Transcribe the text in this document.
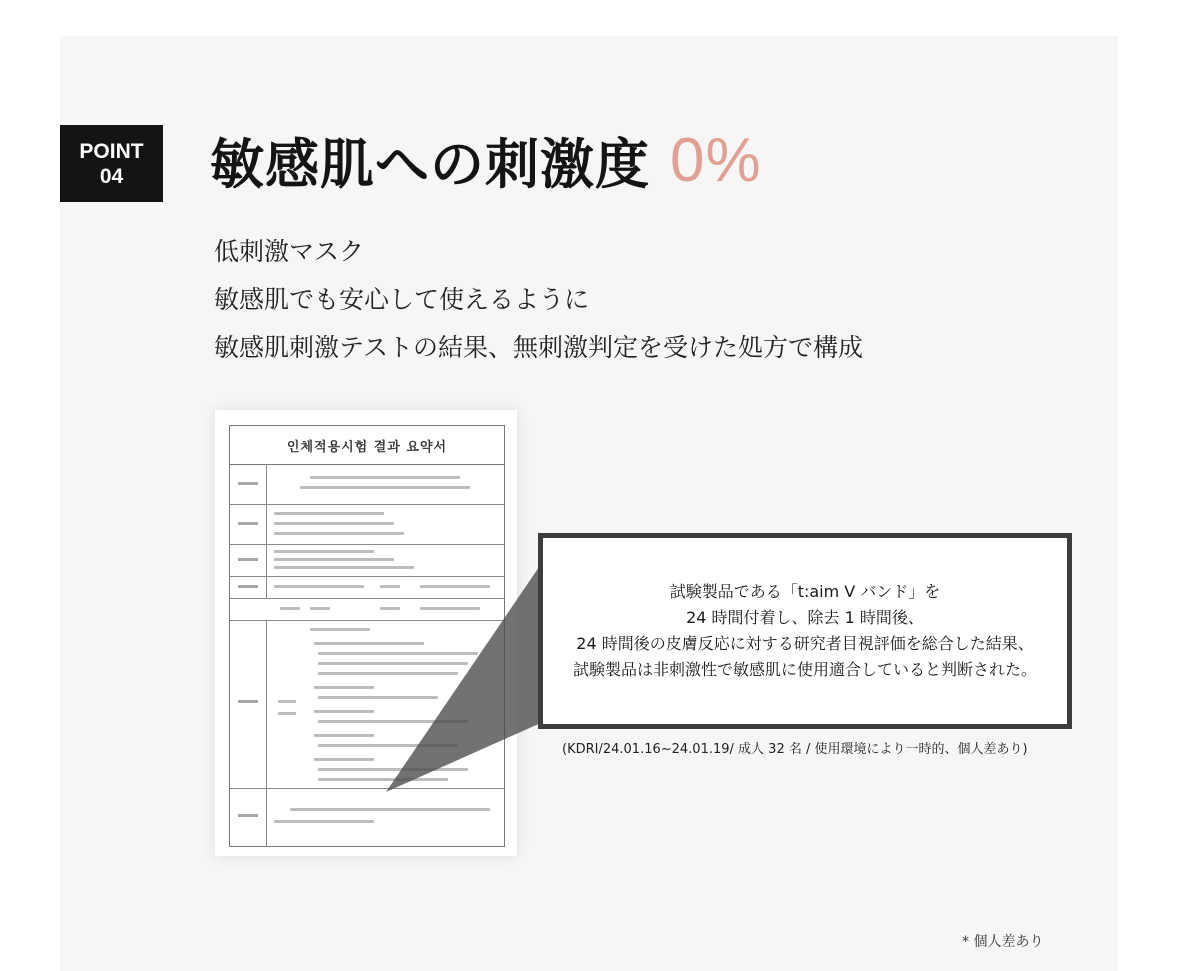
POINT
04 敏感肌への刺激度 0%
低刺激マスク
敏感肌でも安心して使えるように
敏感肌刺激テストの結果、無刺激判定を受けた処方で構成
인체적용시험 결과 요약서
試験製品である「t:aim V バンド」を
24 時間付着し、除去 1 時間後、
24 時間後の皮膚反応に対する研究者目視評価を総合した結果、
試験製品は非刺激性で敏感肌に使用適合していると判断された。
(KDRI/24.01.16~24.01.19/ 成人 32 名 / 使用環境により一時的、個人差あり)
* 個人差あり
